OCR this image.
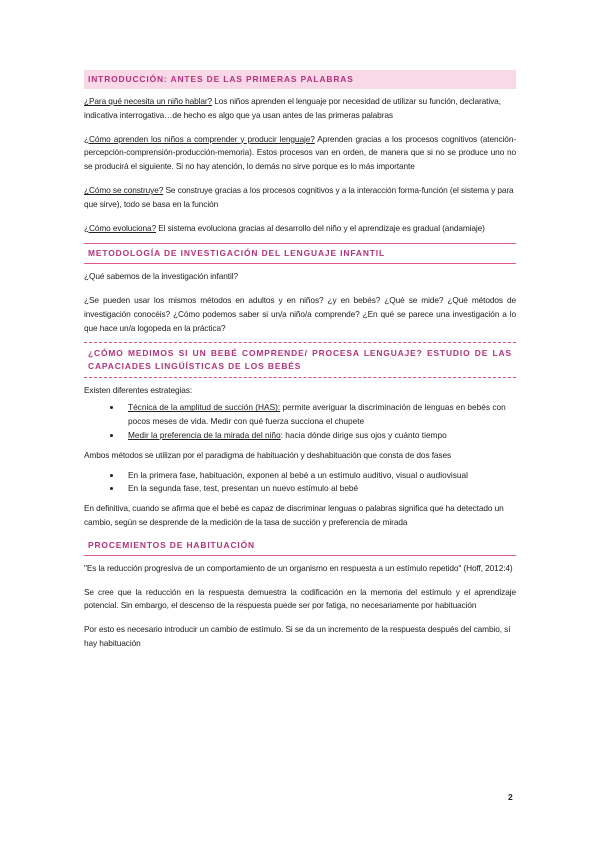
INTRODUCCIÓN: ANTES DE LAS PRIMERAS PALABRAS

¿Para qué necesita un niño hablar? Los niños aprenden el lenguaje por necesidad de utilizar su función, declarativa, indicativa interrogativa…de hecho es algo que ya usan antes de las primeras palabras

¿Cómo aprenden los niños a comprender y producir lenguaje? Aprenden gracias a los procesos cognitivos (atención-percepción-comprensión-producción-memoria). Estos procesos van en orden, de manera que si no se produce uno no se producirá el siguiente. Si no hay atención, lo demás no sirve porque es lo más importante

¿Cómo se construye? Se construye gracias a los procesos cognitivos y a la interacción forma-función (el sistema y para que sirve), todo se basa en la función

¿Cómo evoluciona? El sistema evoluciona gracias al desarrollo del niño y el aprendizaje es gradual (andamiaje)

METODOLOGÍA DE INVESTIGACIÓN DEL LENGUAJE INFANTIL

¿Qué sabemos de la investigación infantil?

¿Se pueden usar los mismos métodos en adultos y en niños? ¿y en bebés? ¿Qué se mide? ¿Qué métodos de investigación conocéis? ¿Cómo podemos saber si un/a niño/a comprende? ¿En qué se parece una investigación a lo que hace un/a logopeda en la práctica?

¿CÓMO MEDIMOS SI UN BEBÉ COMPRENDE/ PROCESA LENGUAJE? ESTUDIO DE LAS CAPACIADES LINGÜÍSTICAS DE LOS BEBÉS

Existen diferentes estrategias:

• Técnica de la amplitud de succión (HAS): permite averiguar la discriminación de lenguas en bebés con pocos meses de vida. Medir con qué fuerza succiona el chupete
• Medir la preferencia de la mirada del niño: hacia dónde dirige sus ojos y cuánto tiempo

Ambos métodos se utilizan por el paradigma de habituación y deshabituación que consta de dos fases

• En la primera fase, habituación, exponen al bebé a un estímulo auditivo, visual o audiovisual
• En la segunda fase, test, presentan un nuevo estímulo al bebé

En definitiva, cuando se afirma que el bebé es capaz de discriminar lenguas o palabras significa que ha detectado un cambio, según se desprende de la medición de la tasa de succión y preferencia de mirada

PROCEMIENTOS DE HABITUACIÓN

"Es la reducción progresiva de un comportamiento de un organismo en respuesta a un estímulo repetido" (Hoff, 2012:4)

Se cree que la reducción en la respuesta demuestra la codificación en la memoria del estímulo y el aprendizaje potencial. Sin embargo, el descenso de la respuesta puede ser por fatiga, no necesariamente por habituación

Por esto es necesario introducir un cambio de estímulo. Si se da un incremento de la respuesta después del cambio, sí hay habituación

2
